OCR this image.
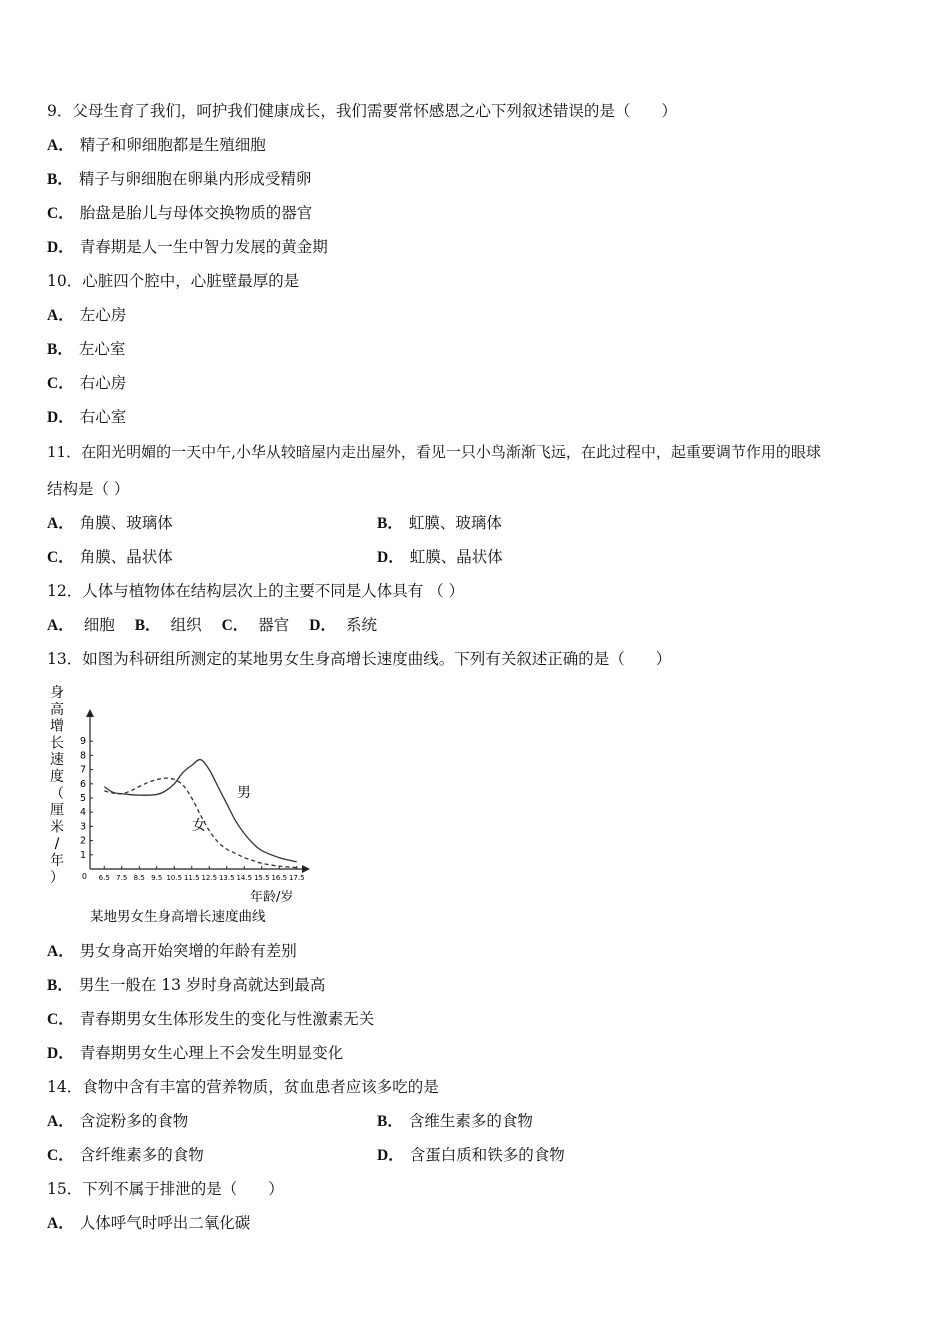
9．父母生育了我们，呵护我们健康成长，我们需要常怀感恩之心下列叙述错误的是（　　）
A． 精子和卵细胞都是生殖细胞
B． 精子与卵细胞在卵巢内形成受精卵
C． 胎盘是胎儿与母体交换物质的器官
D． 青春期是人一生中智力发展的黄金期
10．心脏四个腔中，心脏壁最厚的是
A． 左心房
B． 左心室
C． 右心房
D． 右心室
11．在阳光明媚的一天中午,小华从较暗屋内走出屋外，看见一只小鸟渐渐飞远，在此过程中，起重要调节作用的眼球
结构是（ ）
A． 角膜、玻璃体	B． 虹膜、玻璃体
C． 角膜、晶状体	D． 虹膜、晶状体
12．人体与植物体在结构层次上的主要不同是人体具有 （ ）
A． 细胞 B． 组织 C． 器官 D． 系统
13．如图为科研组所测定的某地男女生身高增长速度曲线。下列有关叙述正确的是（　　）
身
高
增
长
速
度
（
厘
米
/
年
） 0
1
2
3
4
5
6
7
8
9
6.5 7.5 8.5 9.5 10.5 11.5 12.5 13.5 14.5 15.5 16.5 17.5
男
女
年龄/岁
某地男女生身高增长速度曲线
A． 男女身高开始突增的年龄有差别
B． 男生一般在 13 岁时身高就达到最高
C． 青春期男女生体形发生的变化与性激素无关
D． 青春期男女生心理上不会发生明显变化
14．食物中含有丰富的营养物质，贫血患者应该多吃的是
A． 含淀粉多的食物	B． 含维生素多的食物
C． 含纤维素多的食物	D． 含蛋白质和铁多的食物
15．下列不属于排泄的是（　　）
A． 人体呼气时呼出二氧化碳
